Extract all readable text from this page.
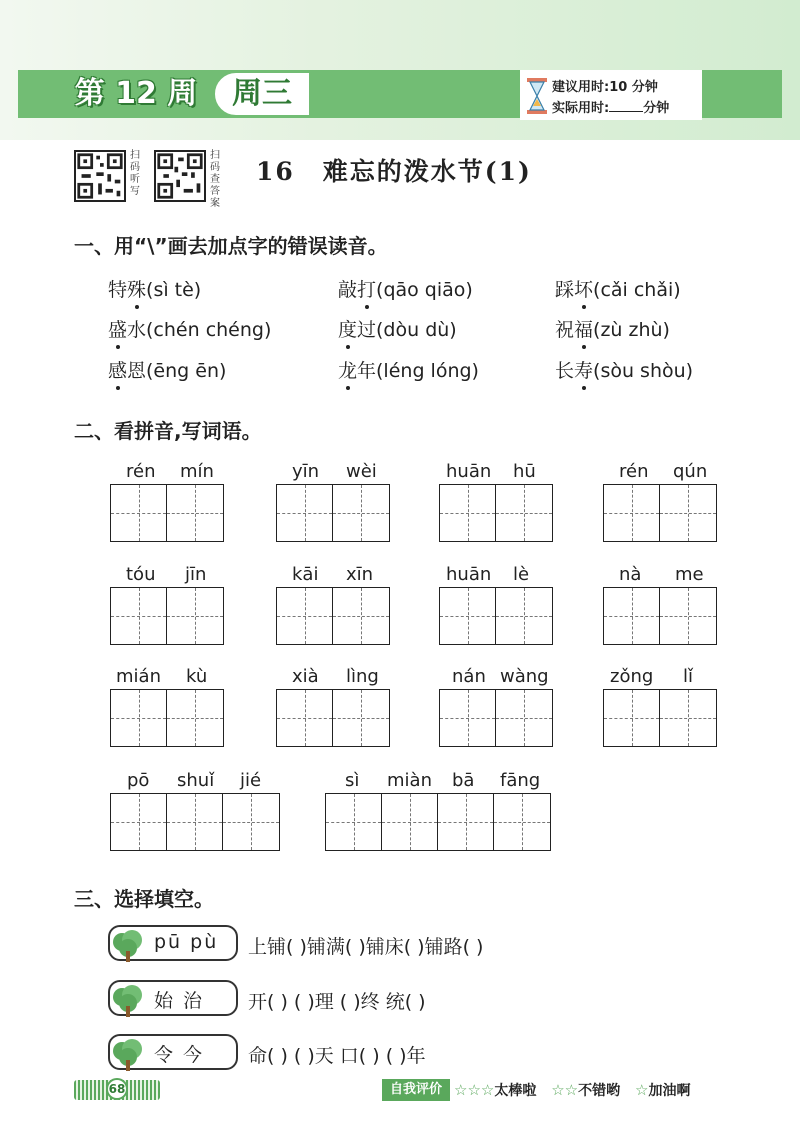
第 12 周	周三	建议用时:10 分钟
实际用时:	分钟
扫码听写
扫码查答案
16 难忘的泼水节(1)
一、用“\”画去加点字的错误读音。
特殊(sì tè)	敲打(qāo qiāo)	踩坏(cǎi chǎi)
盛水(chén chéng)	度过(dòu dù)	祝福(zù zhù)
感恩(ēng ēn)	龙年(léng lóng)	长寿(sòu shòu)
二、看拼音,写词语。
rén mín	yīn wèi	huān hū	rén qún
tóu jīn	kāi xīn	huān lè	nà me
mián kù	xià lìng	nán wàng	zǒng lǐ
pō shuǐ jié	sì miàn bā fāng
三、选择填空。
pū pù 上铺( )铺满( )铺床( )铺路( )
始 治 开( ) ( )理 ( )终 统( )
令 今 命( ) ( )天 口( ) ( )年
68	自我评价 ☆☆☆太棒啦 ☆☆不错哟 ☆加油啊
